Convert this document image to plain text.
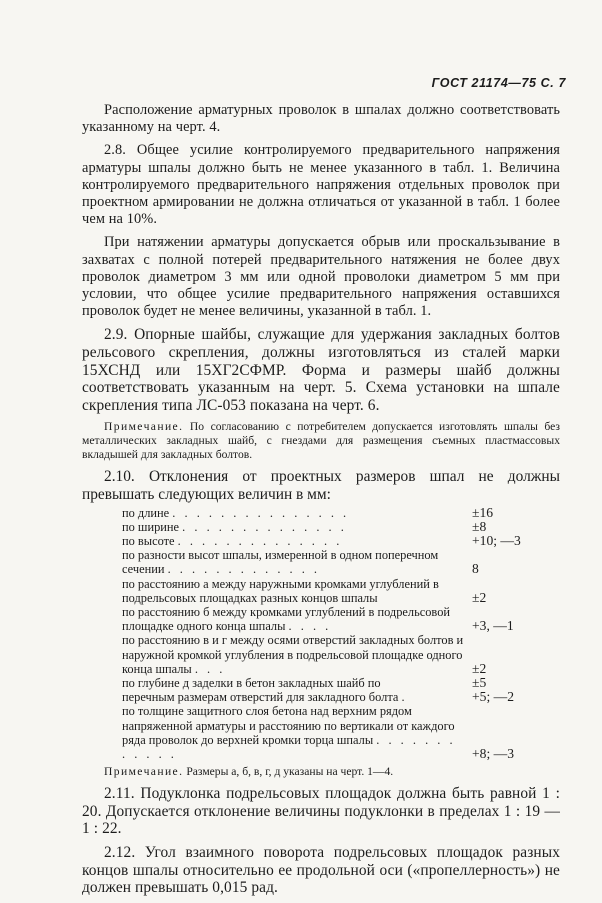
ГОСТ 21174—75 С. 7

Расположение арматурных проволок в шпалах должно соответствовать указанному на черт. 4.

2.8. Общее усилие контролируемого предварительного напряжения арматуры шпалы должно быть не менее указанного в табл. 1. Величина контролируемого предварительного напряжения отдельных проволок при проектном армировании не должна отличаться от указанной в табл. 1 более чем на 10%.

При натяжении арматуры допускается обрыв или проскальзывание в захватах с полной потерей предварительного натяжения не более двух проволок диаметром 3 мм или одной проволоки диаметром 5 мм при условии, что общее усилие предварительного напряжения оставшихся проволок будет не менее величины, указанной в табл. 1.

2.9. Опорные шайбы, служащие для удержания закладных болтов рельсового скрепления, должны изготовляться из сталей марки 15ХСНД или 15ХГ2СФМР. Форма и размеры шайб должны соответствовать указанным на черт. 5. Схема установки на шпале скрепления типа ЛС-053 показана на черт. 6.

Примечание. По согласованию с потребителем допускается изготовлять шпалы без металлических закладных шайб, с гнездами для размещения съемных пластмассовых вкладышей для закладных болтов.

2.10. Отклонения от проектных размеров шпал не должны превышать следующих величин в мм:

по длине . . . . . . . . . . . . . . .	±16
по ширине . . . . . . . . . . . . . .	±8
по высоте . . . . . . . . . . . . . .	+10; —3
по разности высот шпалы, измеренной в одном поперечном сечении . . . . . . . . . . . . .	8
по расстоянию а между наружными кромками углублений в подрельсовых площадках разных концов шпалы	±2
по расстоянию б между кромками углублений в подрельсовой площадке одного конца шпалы . . . .	+3, —1
по расстоянию в и г между осями отверстий закладных болтов и наружной кромкой углубления в подрельсовой площадке одного конца шпалы . . .	±2
по глубине д заделки в бетон закладных шайб по	±5
перечным размерам отверстий для закладного болта .	+5; —2
по толщине защитного слоя бетона над верхним рядом напряженной арматуры и расстоянию по вертикали от каждого ряда проволок до верхней кромки торца шпалы . . . . . . . . . . . .	+8; —3

Примечание. Размеры а, б, в, г, д указаны на черт. 1—4.

2.11. Подуклонка подрельсовых площадок должна быть равной 1 : 20. Допускается отклонение величины подуклонки в пределах 1 : 19 — 1 : 22.

2.12. Угол взаимного поворота подрельсовых площадок разных концов шпалы относительно ее продольной оси («пропеллерность») не должен превышать 0,015 рад.
